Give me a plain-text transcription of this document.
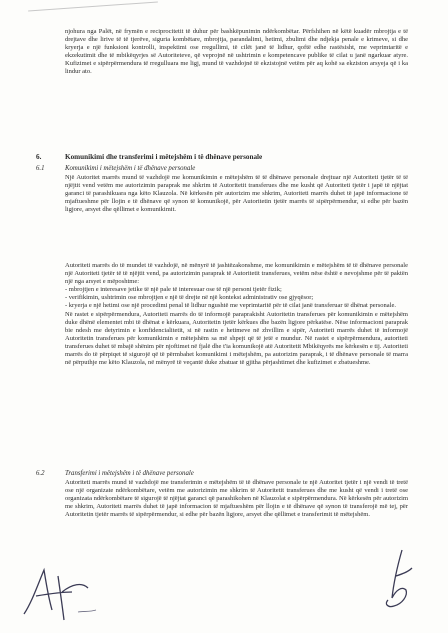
njohura nga Palët, në frymën e reciprocitetit të duhur për bashkëpunimin ndërkombëtar. Përfshihen në këtë kuadër mbrojtja e të drejtave dhe lirive të të tjerëve, siguria kombëtare, mbrojtja, parandalimi, hetimi, zbulimi dhe ndjekja penale e krimeve, si dhe kryerja e një funksioni kontrolli, inspektimi ose rregullimi, të cilët janë të lidhur, qoftë edhe rastësisht, me veprimtaritë e ekzekutimit dhe të mbikëqyrjes së Autoriteteve, që veprojnë në ushtrimin e kompetencave publike të cilat u janë ngarkuar atyre. Kufizimet e sipërpërmendura të rregulluara me ligj, mund të vazhdojnë të ekzistojnë vetëm për aq kohë sa ekziston arsyeja që i ka lindur ato.

6.	Komunikimi dhe transferimi i mëtejshëm i të dhënave personale
6.1	Komunikimi i mëtejshëm i të dhënave personale

Një Autoritet marrës mund të vazhdojë me komunikimin e mëtejshëm të të dhënave personale drejtuar një Autoriteti tjetër të të njëjtit vend vetëm me autorizimin paraprak me shkrim të Autoritetit transferues dhe me kusht që Autoriteti tjetër i japë të njëjtat garanci të parashikuara nga këto Klauzola. Në kërkesën për autorizim me shkrim, Autoriteti marrës duhet të japë informacione të mjaftueshme për llojin e të dhënave që synon të komunikojë, për Autoritetin tjetër marrës të sipërpërmendur, si edhe për bazën ligjore, arsyet dhe qëllimet e komunikimit.

Autoriteti marrës do të mundet të vazhdojë, në mënyrë të jashtëzakonshme, me komunikimin e mëtejshëm të të dhënave personale një Autoriteti tjetër të të njëjtit vend, pa autorizimin paraprak të Autoritetit transferues, vetëm nëse është e nevojshme për të paktën një nga arsyet e mëposhtme:

- mbrojtjen e interesave jetike të një pale të interesuar ose të një personi tjetër fizik;

- verifikimin, ushtrimin ose mbrojtjen e një të drejte në një kontekst administrativ ose gjyqësor;

- kryerja e një hetimi ose një procedimi penal të lidhur ngushtë me veprimtaritë për të cilat janë transferuar të dhënat personale.

Në rastet e sipërpërmendura, Autoriteti marrës do të informojë paraprakisht Autoritetin transferues për komunikimin e mëtejshëm duke dhënë elementet mbi të dhënat e kërkuara, Autoritetin tjetër kërkues dhe bazën ligjore përkatëse. Nëse informacioni paraprak bie ndesh me detyrimin e konfidencialitetit, si në rastin e hetimeve në zhvillim e sipër, Autoriteti marrës duhet të informojë Autoritetin transferues për komunikimin e mëtejshëm sa më shpejt që të jetë e mundur. Në rastet e sipërpërmendura, autoriteti transferues duhet të mbajë shënim për njoftimet në fjalë dhe t'ia komunikojë atë Autoritetit Mbikëqyrës me kërkesën e tij. Autoriteti marrës do të përpiqet të sigurojë që të përmbahet komunikimi i mëtejshëm, pa autorizim paraprak, i të dhënave personale të marra në përputhje me këto Klauzola, në mënyrë të veçantë duke zbatuar të gjitha përjashtimet dhe kufizimet e zbatueshme.

6.2	Transferimi i mëtejshëm i të dhënave personale

Autoriteti marrës mund të vazhdojë me transferimin e mëtejshëm të të dhënave personale te një Autoritet tjetër i një vendi të tretë ose një organizate ndërkombëtare, vetëm me autorizimin me shkrim të Autoritetit transferues dhe me kusht që vendi i tretë ose organizata ndërkombëtare të sigurojë të njëjtat garanci që parashikohen në Klauzolat e sipërpërmendura. Në kërkesën për autorizim me shkrim, Autoriteti marrës duhet të japë informacion të mjaftueshëm për llojin e të dhënave që synon të transferojë më tej, për Autoritetin tjetër marrës të sipërpërmendur, si edhe për bazën ligjore, arsyet dhe qëllimet e transferimit të mëtejshëm.
